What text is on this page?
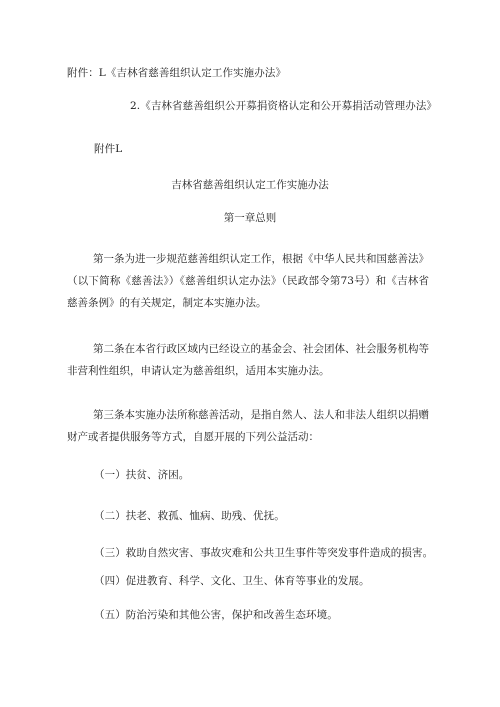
附件：L《吉林省慈善组织认定工作实施办法》
2.《吉林省慈善组织公开募捐资格认定和公开募捐活动管理办法》
附件L
吉林省慈善组织认定工作实施办法
第一章总则
第一条为进一步规范慈善组织认定工作，根据《中华人民共和国慈善法》（以下简称《慈善法》）《慈善组织认定办法》（民政部令第73号）和《吉林省慈善条例》的有关规定，制定本实施办法。
第二条在本省行政区域内已经设立的基金会、社会团体、社会服务机构等非营利性组织，申请认定为慈善组织，适用本实施办法。
第三条本实施办法所称慈善活动，是指自然人、法人和非法人组织以捐赠财产或者提供服务等方式，自愿开展的下列公益活动：
（一）扶贫、济困。
（二）扶老、救孤、恤病、助残、优抚。
（三）救助自然灾害、事故灾难和公共卫生事件等突发事件造成的损害。
（四）促进教育、科学、文化、卫生、体育等事业的发展。
（五）防治污染和其他公害，保护和改善生态环境。
